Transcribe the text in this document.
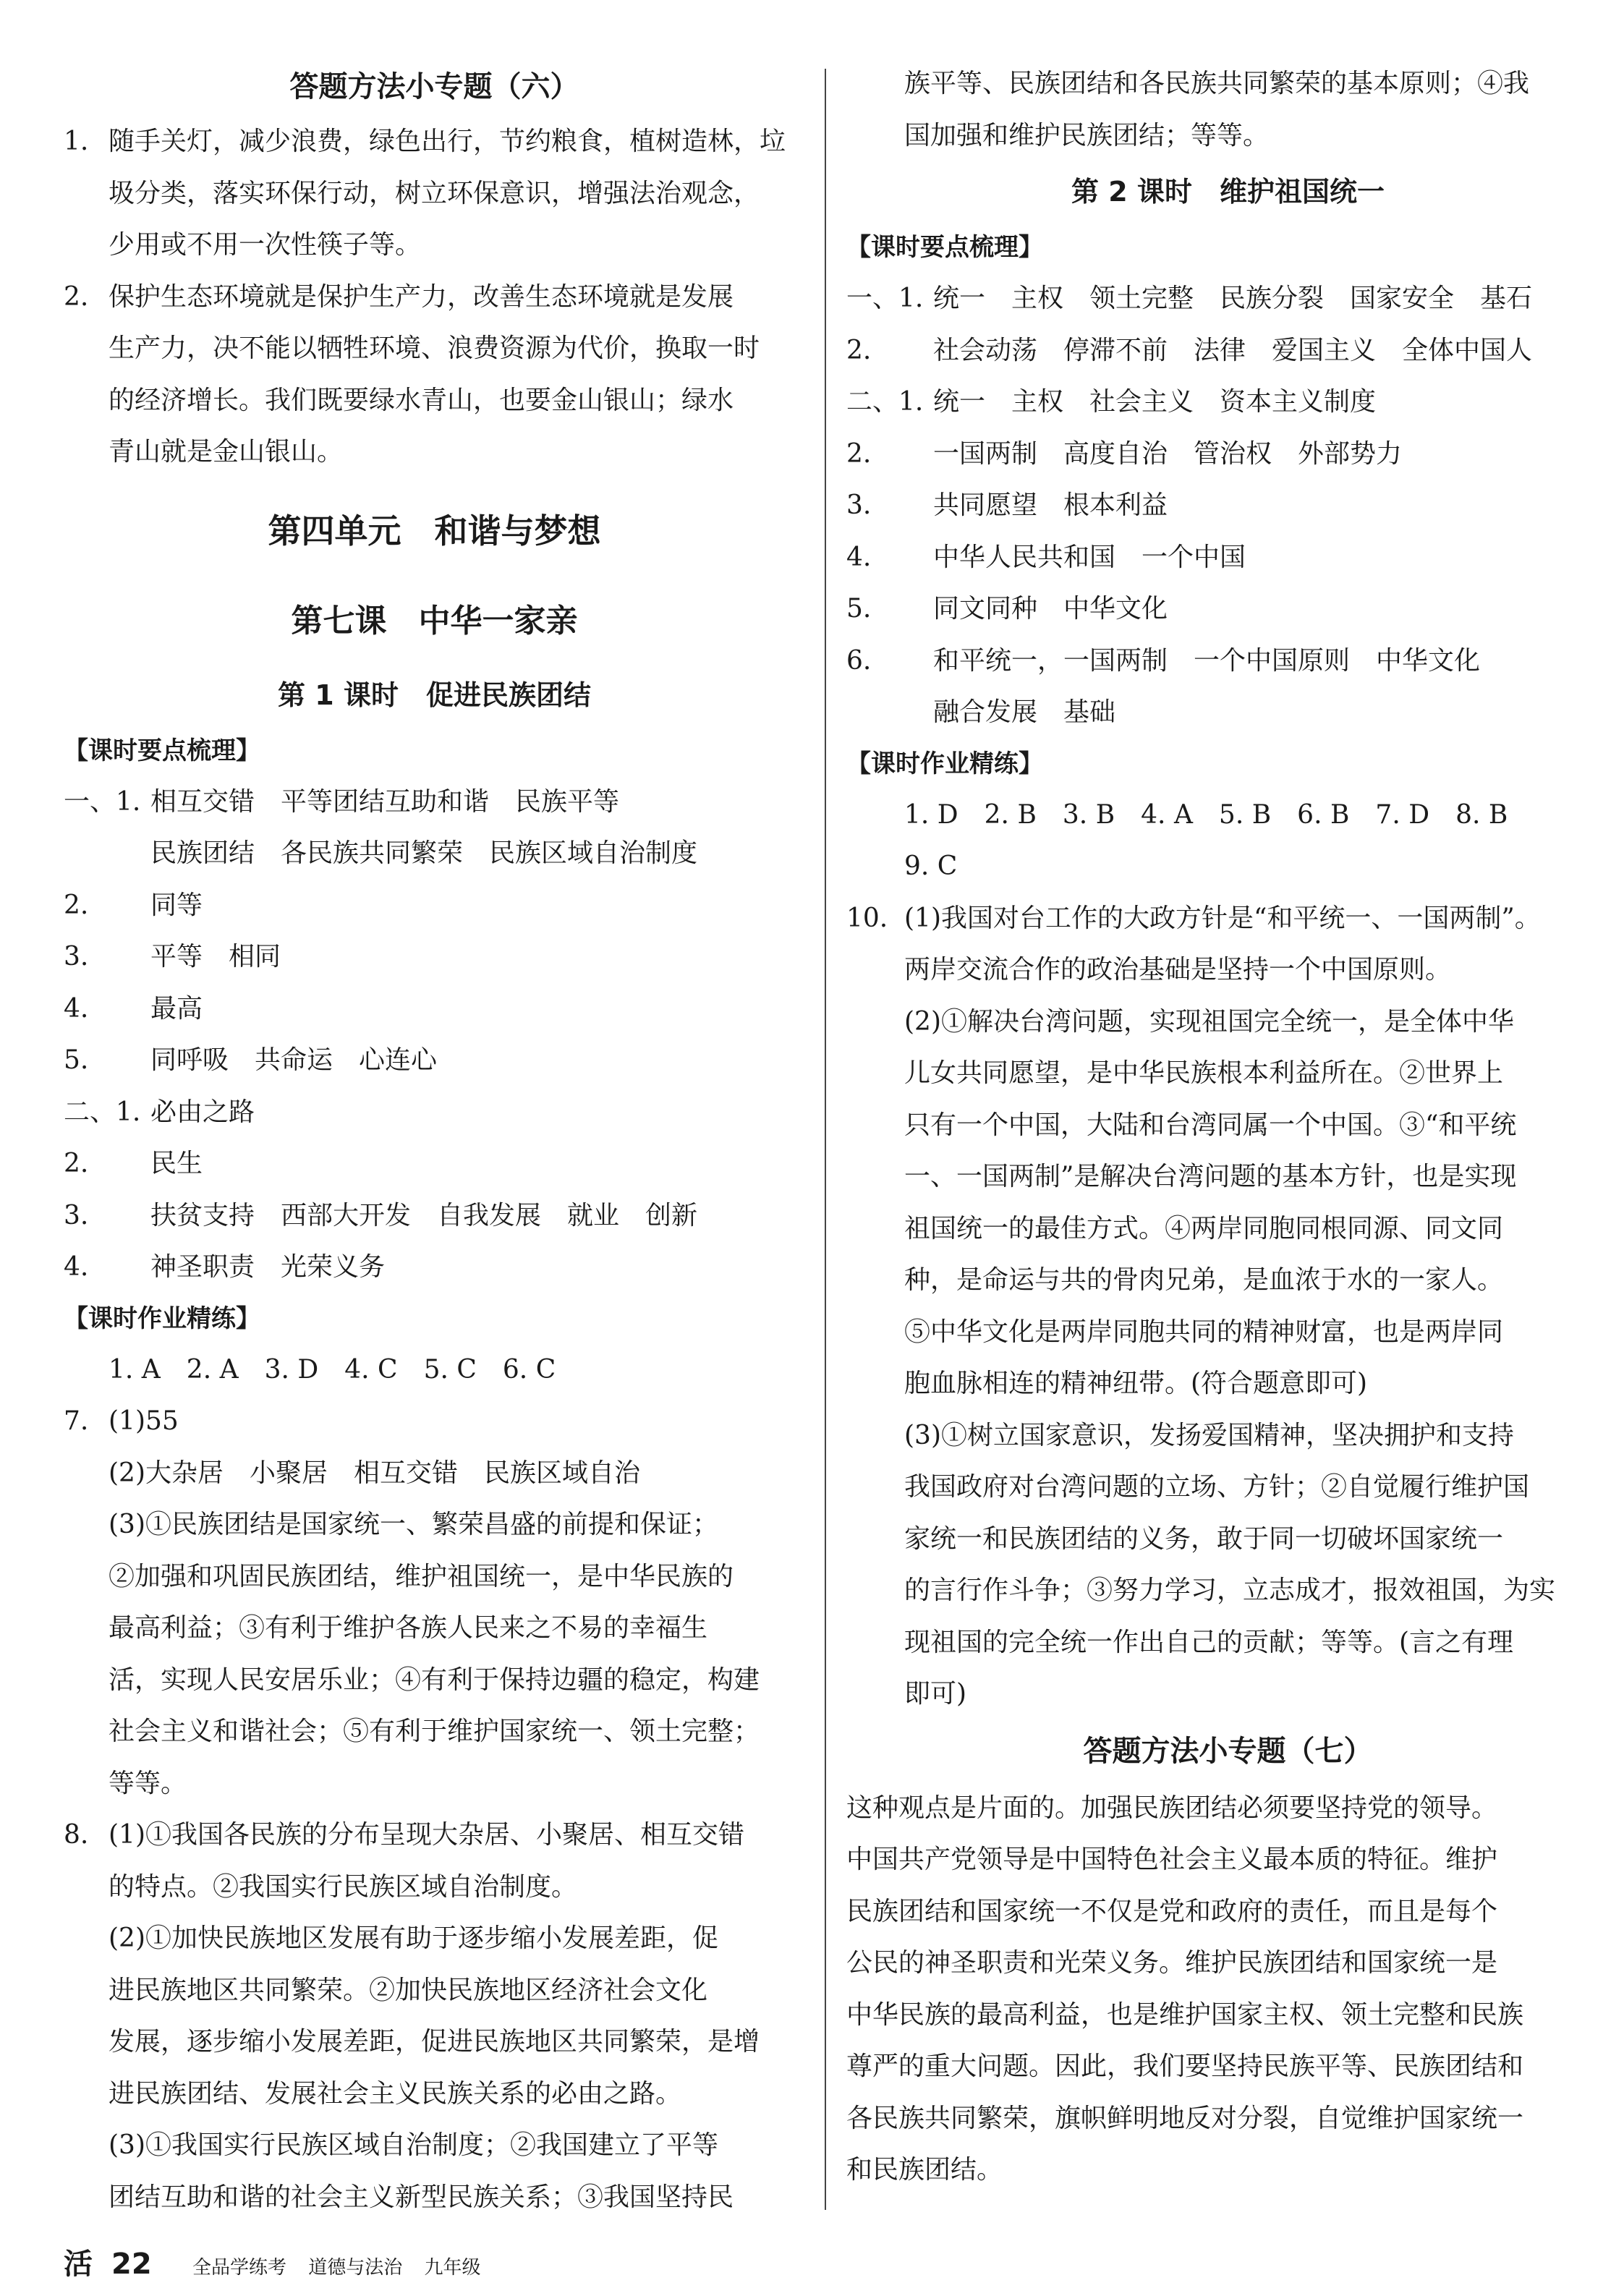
答题方法小专题（六）

1. 随手关灯，减少浪费，绿色出行，节约粮食，植树造林，垃

圾分类，落实环保行动，树立环保意识，增强法治观念，

少用或不用一次性筷子等。

2. 保护生态环境就是保护生产力，改善生态环境就是发展

生产力，决不能以牺牲环境、浪费资源为代价，换取一时

的经济增长。我们既要绿水青山，也要金山银山；绿水

青山就是金山银山。

第四单元　和谐与梦想

第七课　中华一家亲

第 1 课时　促进民族团结

【课时要点梳理】

一、1. 相互交错　平等团结互助和谐　民族平等

民族团结　各民族共同繁荣　民族区域自治制度

2. 同等

3. 平等　相同

4. 最高

5. 同呼吸　共命运　心连心

二、1. 必由之路

2. 民生

3. 扶贫支持　西部大开发　自我发展　就业　创新

4. 神圣职责　光荣义务

【课时作业精练】

1. A　2. A　3. D　4. C　5. C　6. C

7. (1)55

(2)大杂居　小聚居　相互交错　民族区域自治

(3)①民族团结是国家统一、繁荣昌盛的前提和保证；

②加强和巩固民族团结，维护祖国统一，是中华民族的

最高利益；③有利于维护各族人民来之不易的幸福生

活，实现人民安居乐业；④有利于保持边疆的稳定，构建

社会主义和谐社会；⑤有利于维护国家统一、领土完整；

等等。

8. (1)①我国各民族的分布呈现大杂居、小聚居、相互交错

的特点。②我国实行民族区域自治制度。

(2)①加快民族地区发展有助于逐步缩小发展差距，促

进民族地区共同繁荣。②加快民族地区经济社会文化

发展，逐步缩小发展差距，促进民族地区共同繁荣，是增

进民族团结、发展社会主义民族关系的必由之路。

(3)①我国实行民族区域自治制度；②我国建立了平等

团结互助和谐的社会主义新型民族关系；③我国坚持民

族平等、民族团结和各民族共同繁荣的基本原则；④我

国加强和维护民族团结；等等。

第 2 课时　维护祖国统一

【课时要点梳理】

一、1. 统一　主权　领土完整　民族分裂　国家安全　基石

2. 社会动荡　停滞不前　法律　爱国主义　全体中国人

二、1. 统一　主权　社会主义　资本主义制度

2. 一国两制　高度自治　管治权　外部势力

3. 共同愿望　根本利益

4. 中华人民共和国　一个中国

5. 同文同种　中华文化

6. 和平统一，一国两制　一个中国原则　中华文化

融合发展　基础

【课时作业精练】

1. D　2. B　3. B　4. A　5. B　6. B　7. D　8. B

9. C

10. (1)我国对台工作的大政方针是“和平统一、一国两制”。

两岸交流合作的政治基础是坚持一个中国原则。

(2)①解决台湾问题，实现祖国完全统一，是全体中华

儿女共同愿望，是中华民族根本利益所在。②世界上

只有一个中国，大陆和台湾同属一个中国。③“和平统

一、一国两制”是解决台湾问题的基本方针，也是实现

祖国统一的最佳方式。④两岸同胞同根同源、同文同

种，是命运与共的骨肉兄弟，是血浓于水的一家人。

⑤中华文化是两岸同胞共同的精神财富，也是两岸同

胞血脉相连的精神纽带。(符合题意即可)

(3)①树立国家意识，发扬爱国精神，坚决拥护和支持

我国政府对台湾问题的立场、方针；②自觉履行维护国

家统一和民族团结的义务，敢于同一切破坏国家统一

的言行作斗争；③努力学习，立志成才，报效祖国，为实

现祖国的完全统一作出自己的贡献；等等。(言之有理

即可)

答题方法小专题（七）

这种观点是片面的。加强民族团结必须要坚持党的领导。

中国共产党领导是中国特色社会主义最本质的特征。维护

民族团结和国家统一不仅是党和政府的责任，而且是每个

公民的神圣职责和光荣义务。维护民族团结和国家统一是

中华民族的最高利益，也是维护国家主权、领土完整和民族

尊严的重大问题。因此，我们要坚持民族平等、民族团结和

各民族共同繁荣，旗帜鲜明地反对分裂，自觉维护国家统一

和民族团结。

活 22 全品学练考 道德与法治 九年级
